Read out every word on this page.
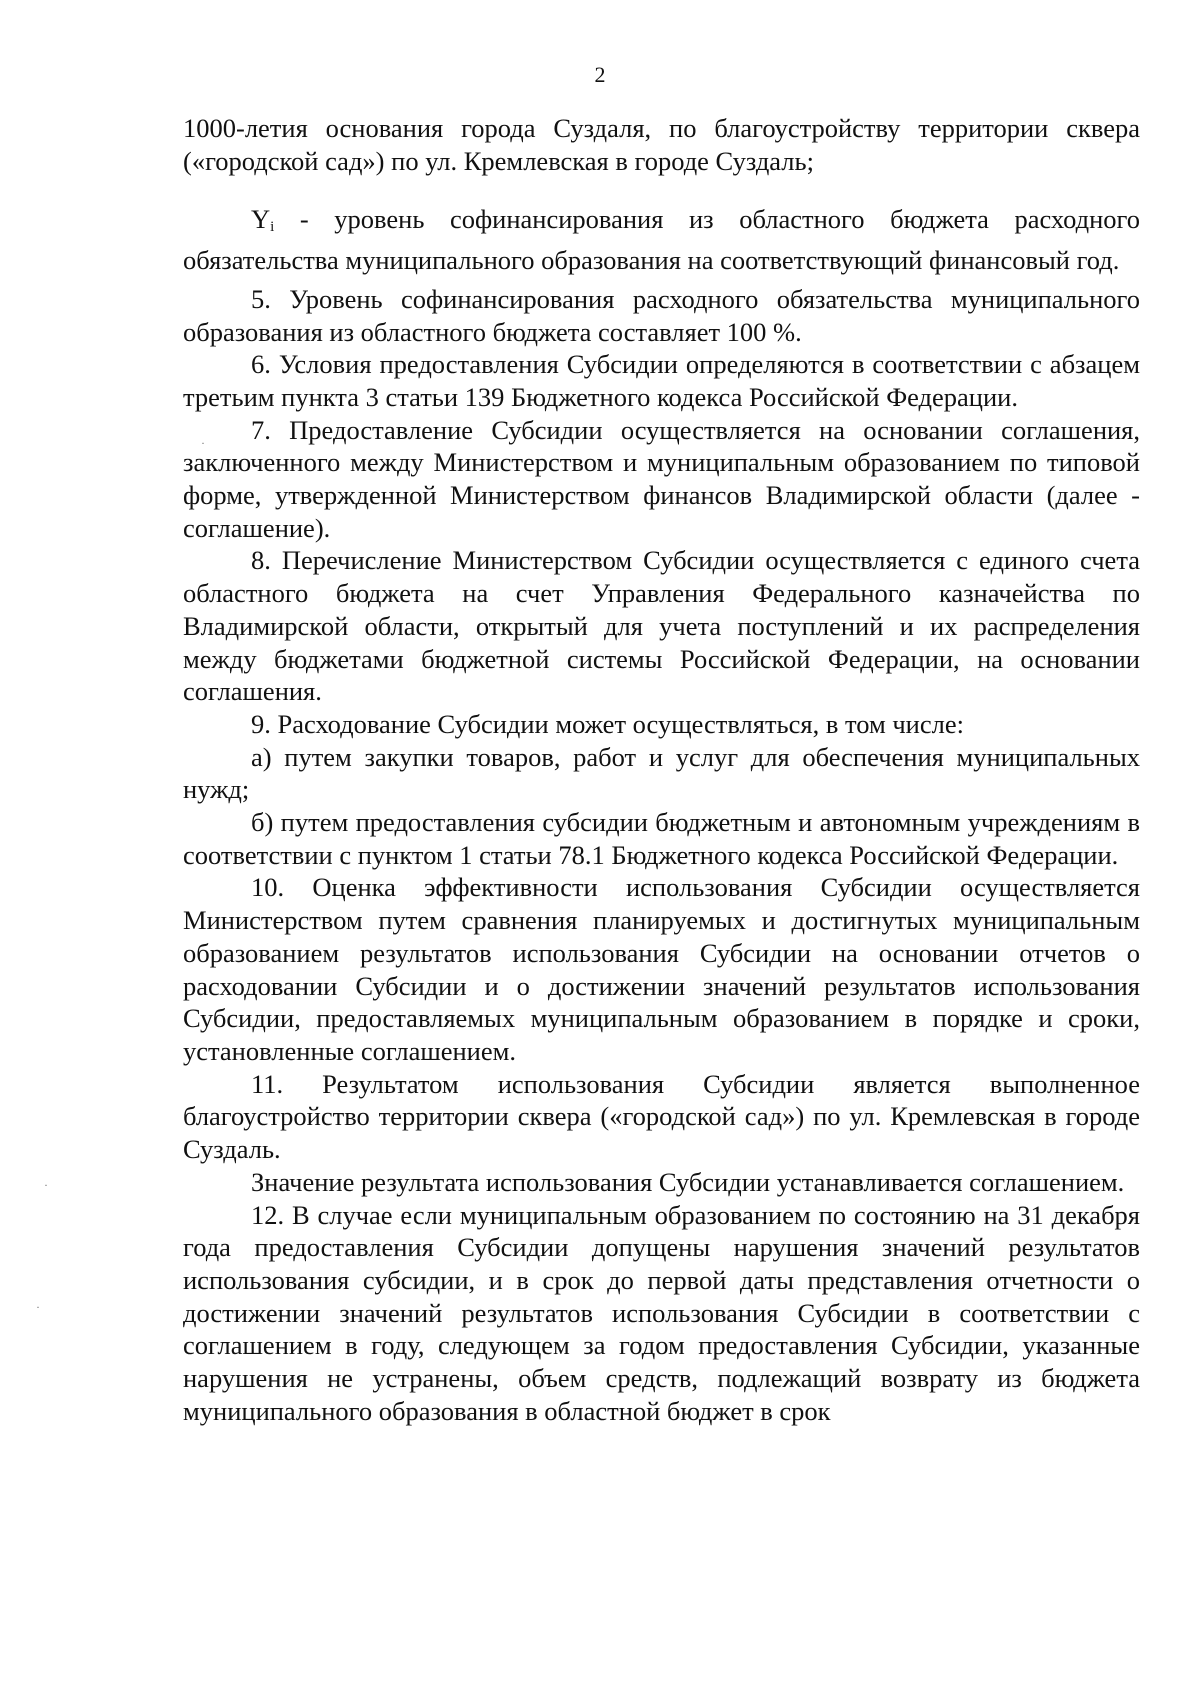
2

1000-летия основания города Суздаля, по благоустройству территории сквера («городской сад») по ул. Кремлевская в городе Суздаль;

$Y_i$ - уровень софинансирования из областного бюджета расходного обязательства муниципального образования на соответствующий финансовый год.

5. Уровень софинансирования расходного обязательства муниципального образования из областного бюджета составляет 100 %.

6. Условия предоставления Субсидии определяются в соответствии с абзацем третьим пункта 3 статьи 139 Бюджетного кодекса Российской Федерации.

7. Предоставление Субсидии осуществляется на основании соглашения, заключенного между Министерством и муниципальным образованием по типовой форме, утвержденной Министерством финансов Владимирской области (далее - соглашение).

8. Перечисление Министерством Субсидии осуществляется с единого счета областного бюджета на счет Управления Федерального казначейства по Владимирской области, открытый для учета поступлений и их распределения между бюджетами бюджетной системы Российской Федерации, на основании соглашения.

9. Расходование Субсидии может осуществляться, в том числе:

а) путем закупки товаров, работ и услуг для обеспечения муниципальных нужд;

б) путем предоставления субсидии бюджетным и автономным учреждениям в соответствии с пунктом 1 статьи 78.1 Бюджетного кодекса Российской Федерации.

10. Оценка эффективности использования Субсидии осуществляется Министерством путем сравнения планируемых и достигнутых муниципальным образованием результатов использования Субсидии на основании отчетов о расходовании Субсидии и о достижении значений результатов использования Субсидии, предоставляемых муниципальным образованием в порядке и сроки, установленные соглашением.

11. Результатом использования Субсидии является выполненное благоустройство территории сквера («городской сад») по ул. Кремлевская в городе Суздаль.

Значение результата использования Субсидии устанавливается соглашением.

12. В случае если муниципальным образованием по состоянию на 31 декабря года предоставления Субсидии допущены нарушения значений результатов использования субсидии, и в срок до первой даты представления отчетности о достижении значений результатов использования Субсидии в соответствии с соглашением в году, следующем за годом предоставления Субсидии, указанные нарушения не устранены, объем средств, подлежащий возврату из бюджета муниципального образования в областной бюджет в срок

·
·
·
